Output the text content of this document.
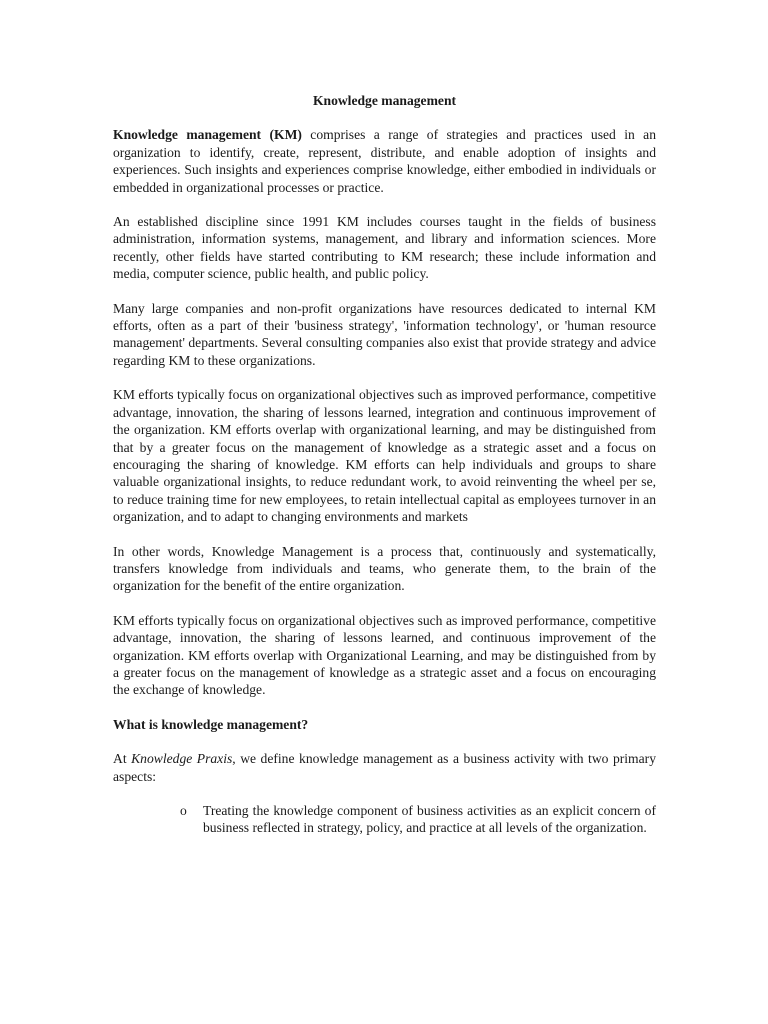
Knowledge management

Knowledge management (KM) comprises a range of strategies and practices used in an organization to identify, create, represent, distribute, and enable adoption of insights and experiences. Such insights and experiences comprise knowledge, either embodied in individuals or embedded in organizational processes or practice.

An established discipline since 1991 KM includes courses taught in the fields of business administration, information systems, management, and library and information sciences. More recently, other fields have started contributing to KM research; these include information and media, computer science, public health, and public policy.

Many large companies and non-profit organizations have resources dedicated to internal KM efforts, often as a part of their 'business strategy', 'information technology', or 'human resource management' departments. Several consulting companies also exist that provide strategy and advice regarding KM to these organizations.

KM efforts typically focus on organizational objectives such as improved performance, competitive advantage, innovation, the sharing of lessons learned, integration and continuous improvement of the organization. KM efforts overlap with organizational learning, and may be distinguished from that by a greater focus on the management of knowledge as a strategic asset and a focus on encouraging the sharing of knowledge. KM efforts can help individuals and groups to share valuable organizational insights, to reduce redundant work, to avoid reinventing the wheel per se, to reduce training time for new employees, to retain intellectual capital as employees turnover in an organization, and to adapt to changing environments and markets

In other words, Knowledge Management is a process that, continuously and systematically, transfers knowledge from individuals and teams, who generate them, to the brain of the organization for the benefit of the entire organization.

KM efforts typically focus on organizational objectives such as improved performance, competitive advantage, innovation, the sharing of lessons learned, and continuous improvement of the organization. KM efforts overlap with Organizational Learning, and may be distinguished from by a greater focus on the management of knowledge as a strategic asset and a focus on encouraging the exchange of knowledge.

What is knowledge management?

At Knowledge Praxis, we define knowledge management as a business activity with two primary aspects:

o Treating the knowledge component of business activities as an explicit concern of business reflected in strategy, policy, and practice at all levels of the organization.
